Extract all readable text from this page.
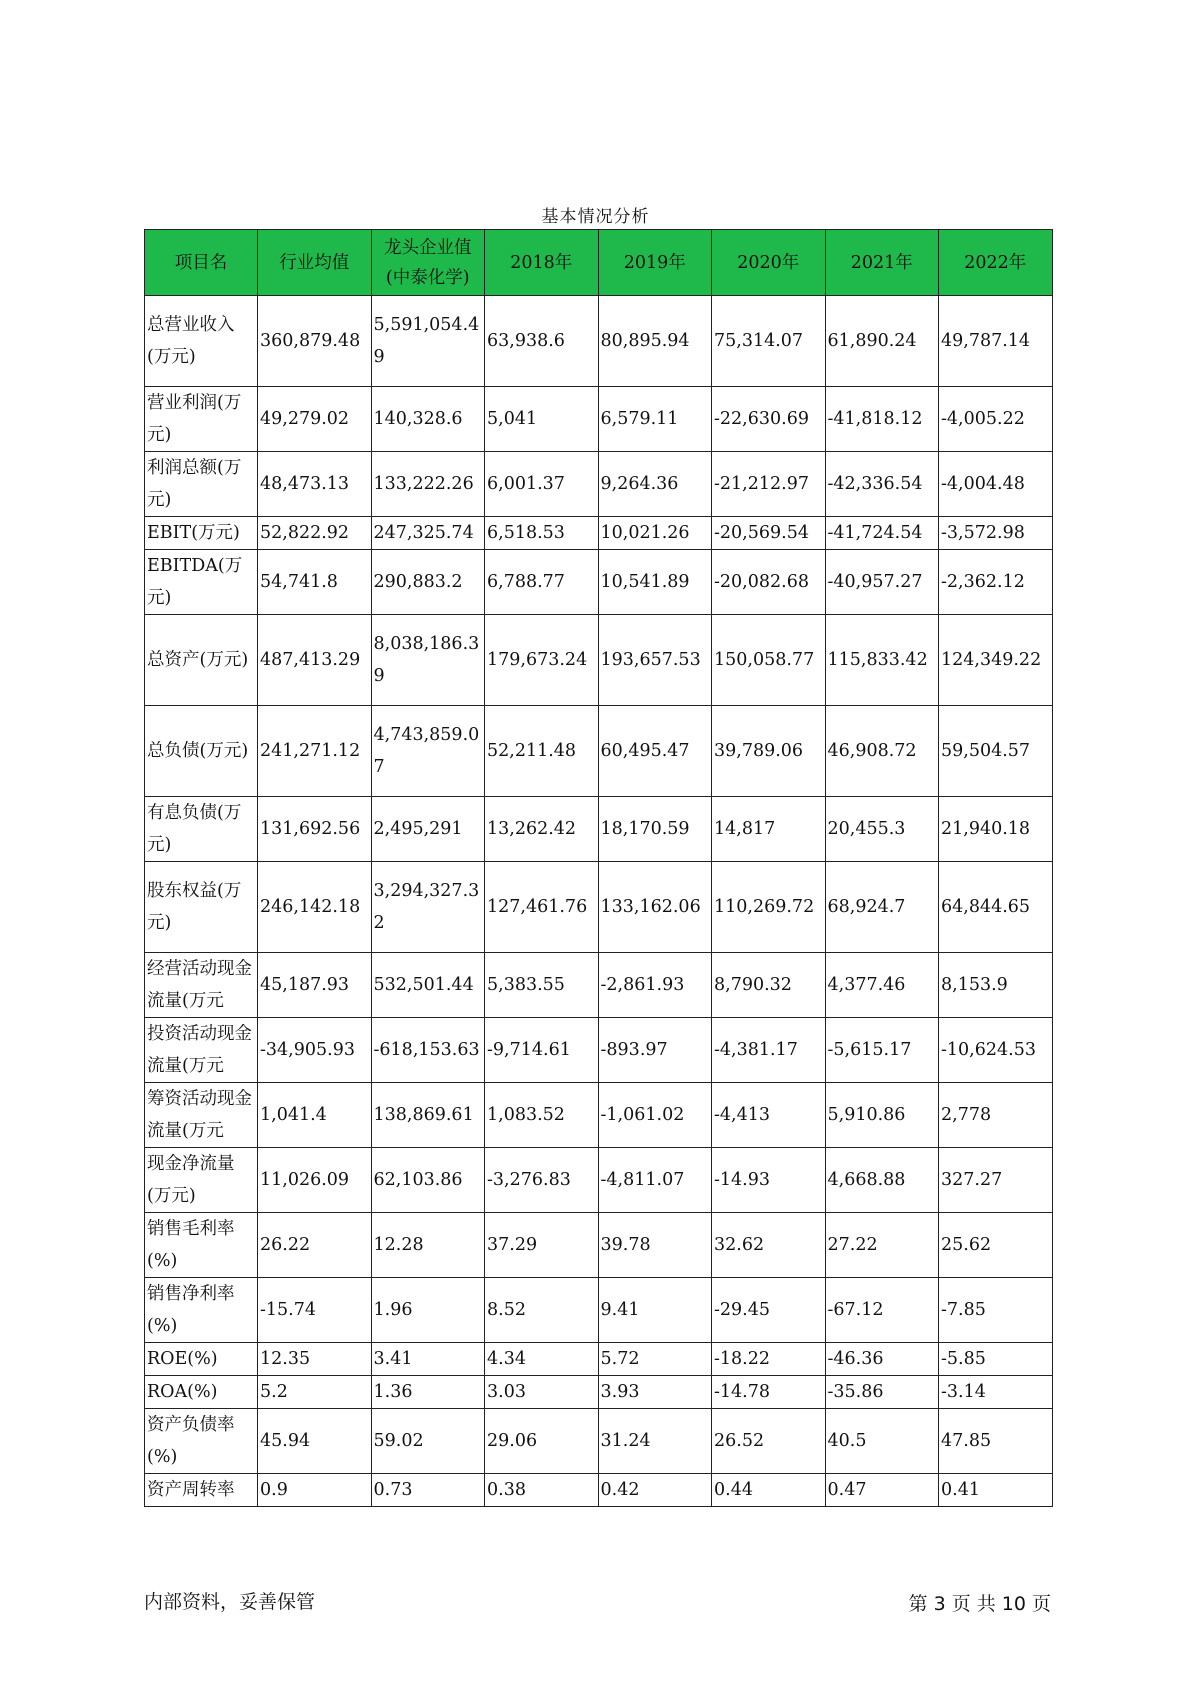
基本情况分析
项目名	行业均值	龙头企业值(中泰化学)	2018年	2019年	2020年	2021年	2022年
总营业收入(万元)	360,879.48	5,591,054.49	63,938.6	80,895.94	75,314.07	61,890.24	49,787.14
营业利润(万元)	49,279.02	140,328.6	5,041	6,579.11	-22,630.69	-41,818.12	-4,005.22
利润总额(万元)	48,473.13	133,222.26	6,001.37	9,264.36	-21,212.97	-42,336.54	-4,004.48
EBIT(万元)	52,822.92	247,325.74	6,518.53	10,021.26	-20,569.54	-41,724.54	-3,572.98
EBITDA(万元)	54,741.8	290,883.2	6,788.77	10,541.89	-20,082.68	-40,957.27	-2,362.12
总资产(万元)	487,413.29	8,038,186.39	179,673.24	193,657.53	150,058.77	115,833.42	124,349.22
总负债(万元)	241,271.12	4,743,859.07	52,211.48	60,495.47	39,789.06	46,908.72	59,504.57
有息负债(万元)	131,692.56	2,495,291	13,262.42	18,170.59	14,817	20,455.3	21,940.18
股东权益(万元)	246,142.18	3,294,327.32	127,461.76	133,162.06	110,269.72	68,924.7	64,844.65
经营活动现金流量(万元	45,187.93	532,501.44	5,383.55	-2,861.93	8,790.32	4,377.46	8,153.9
投资活动现金流量(万元	-34,905.93	-618,153.63	-9,714.61	-893.97	-4,381.17	-5,615.17	-10,624.53
筹资活动现金流量(万元	1,041.4	138,869.61	1,083.52	-1,061.02	-4,413	5,910.86	2,778
现金净流量(万元)	11,026.09	62,103.86	-3,276.83	-4,811.07	-14.93	4,668.88	327.27
销售毛利率(%)	26.22	12.28	37.29	39.78	32.62	27.22	25.62
销售净利率(%)	-15.74	1.96	8.52	9.41	-29.45	-67.12	-7.85
ROE(%)	12.35	3.41	4.34	5.72	-18.22	-46.36	-5.85
ROA(%)	5.2	1.36	3.03	3.93	-14.78	-35.86	-3.14
资产负债率(%)	45.94	59.02	29.06	31.24	26.52	40.5	47.85
资产周转率	0.9	0.73	0.38	0.42	0.44	0.47	0.41
内部资料，妥善保管	第 3 页 共 10 页
